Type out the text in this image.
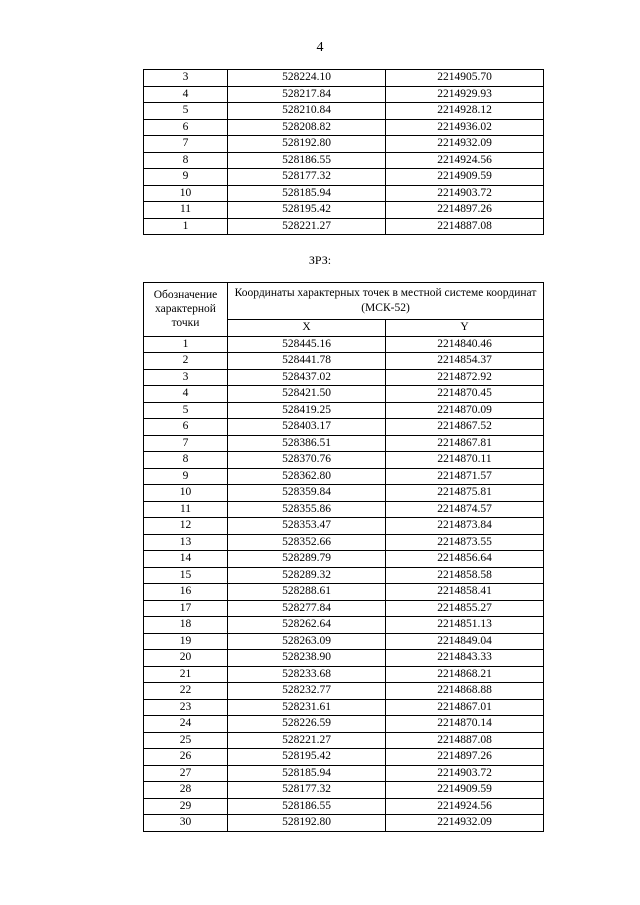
4
3	528224.10	2214905.70
4	528217.84	2214929.93
5	528210.84	2214928.12
6	528208.82	2214936.02
7	528192.80	2214932.09
8	528186.55	2214924.56
9	528177.32	2214909.59
10	528185.94	2214903.72
11	528195.42	2214897.26
1	528221.27	2214887.08
ЗРЗ:
Обозначение характерной точки	Координаты характерных точек в местной системе координат (МСК-52)	
	X	Y
1	528445.16	2214840.46
2	528441.78	2214854.37
3	528437.02	2214872.92
4	528421.50	2214870.45
5	528419.25	2214870.09
6	528403.17	2214867.52
7	528386.51	2214867.81
8	528370.76	2214870.11
9	528362.80	2214871.57
10	528359.84	2214875.81
11	528355.86	2214874.57
12	528353.47	2214873.84
13	528352.66	2214873.55
14	528289.79	2214856.64
15	528289.32	2214858.58
16	528288.61	2214858.41
17	528277.84	2214855.27
18	528262.64	2214851.13
19	528263.09	2214849.04
20	528238.90	2214843.33
21	528233.68	2214868.21
22	528232.77	2214868.88
23	528231.61	2214867.01
24	528226.59	2214870.14
25	528221.27	2214887.08
26	528195.42	2214897.26
27	528185.94	2214903.72
28	528177.32	2214909.59
29	528186.55	2214924.56
30	528192.80	2214932.09
